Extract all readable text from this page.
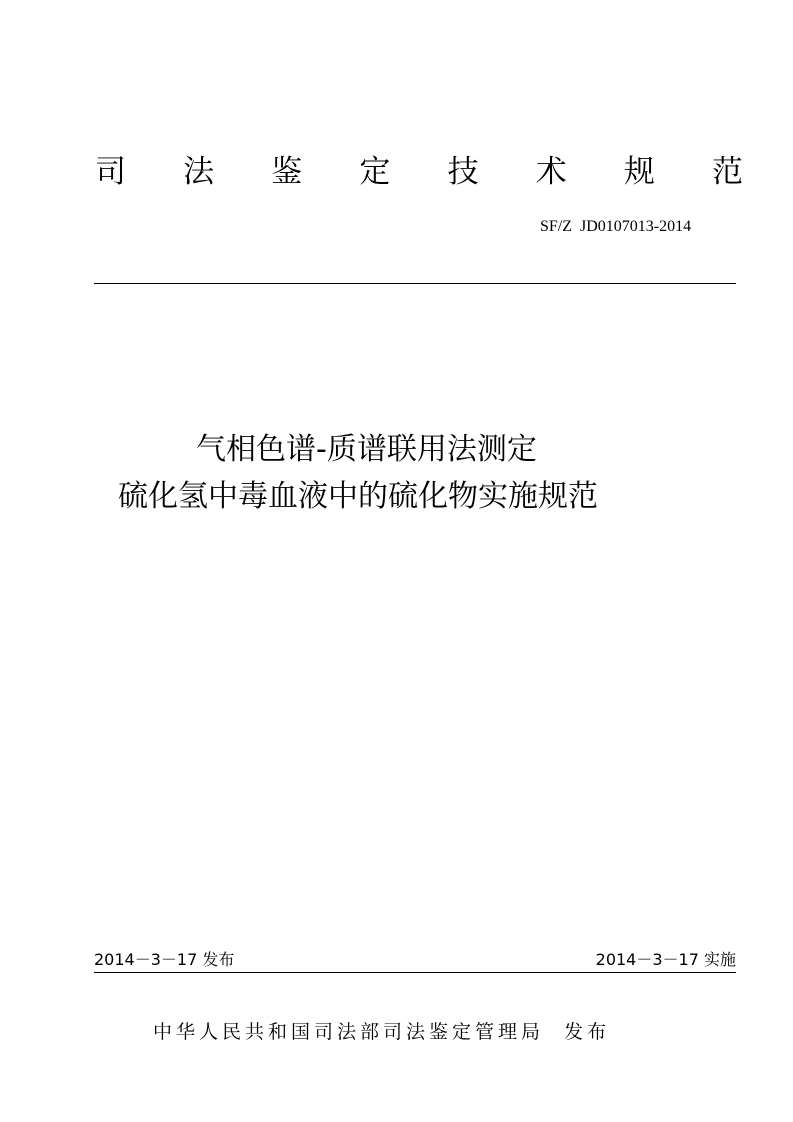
司 法 鉴 定 技 术 规 范
SF/Z  JD0107013-2014
气相色谱-质谱联用法测定
硫化氢中毒血液中的硫化物实施规范
2014－3－17 发布	2014－3－17 实施
中华人民共和国司法部司法鉴定管理局  发布
